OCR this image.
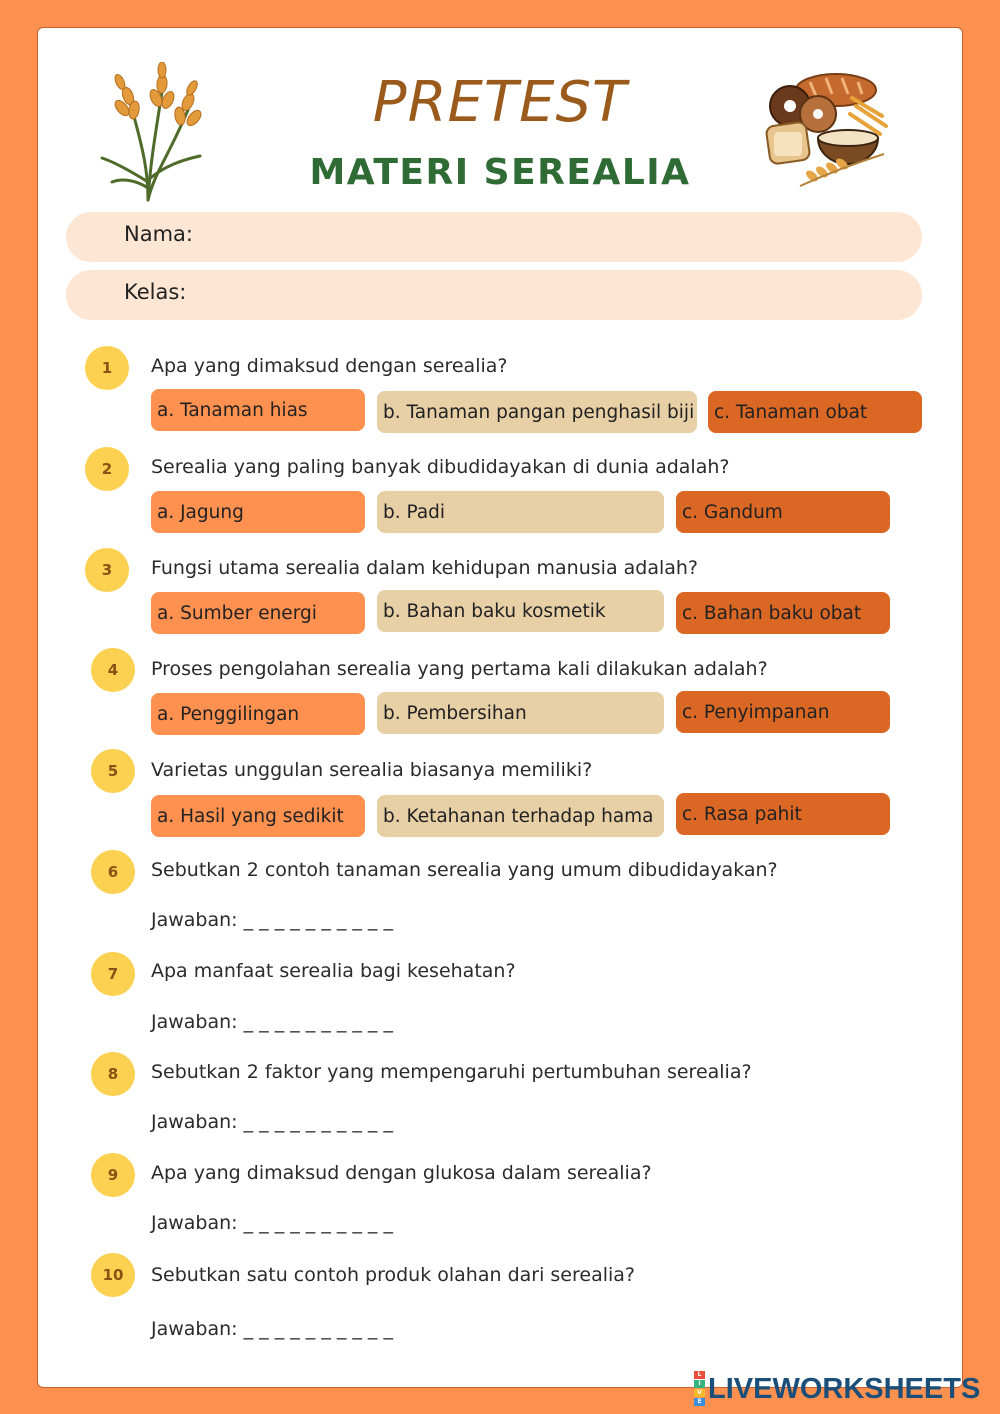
PRETEST
MATERI SEREALIA
Nama:
Kelas:
1	Apa yang dimaksud dengan serealia?
a. Tanaman hias	b. Tanaman pangan penghasil biji	c. Tanaman obat
2	Serealia yang paling banyak dibudidayakan di dunia adalah?
a. Jagung	b. Padi	c. Gandum
3	Fungsi utama serealia dalam kehidupan manusia adalah?
a. Sumber energi	b. Bahan baku kosmetik	c. Bahan baku obat
4	Proses pengolahan serealia yang pertama kali dilakukan adalah?
a. Penggilingan	b. Pembersihan	c. Penyimpanan
5	Varietas unggulan serealia biasanya memiliki?
a. Hasil yang sedikit	b. Ketahanan terhadap hama	c. Rasa pahit
6	Sebutkan 2 contoh tanaman serealia yang umum dibudidayakan?
Jawaban: _ _ _ _ _ _ _ _ _ _
7	Apa manfaat serealia bagi kesehatan?
Jawaban: _ _ _ _ _ _ _ _ _ _
8	Sebutkan 2 faktor yang mempengaruhi pertumbuhan serealia?
Jawaban: _ _ _ _ _ _ _ _ _ _
9	Apa yang dimaksud dengan glukosa dalam serealia?
Jawaban: _ _ _ _ _ _ _ _ _ _
10	Sebutkan satu contoh produk olahan dari serealia?
Jawaban: _ _ _ _ _ _ _ _ _ _
L
I
V
E LIVEWORKSHEETS
